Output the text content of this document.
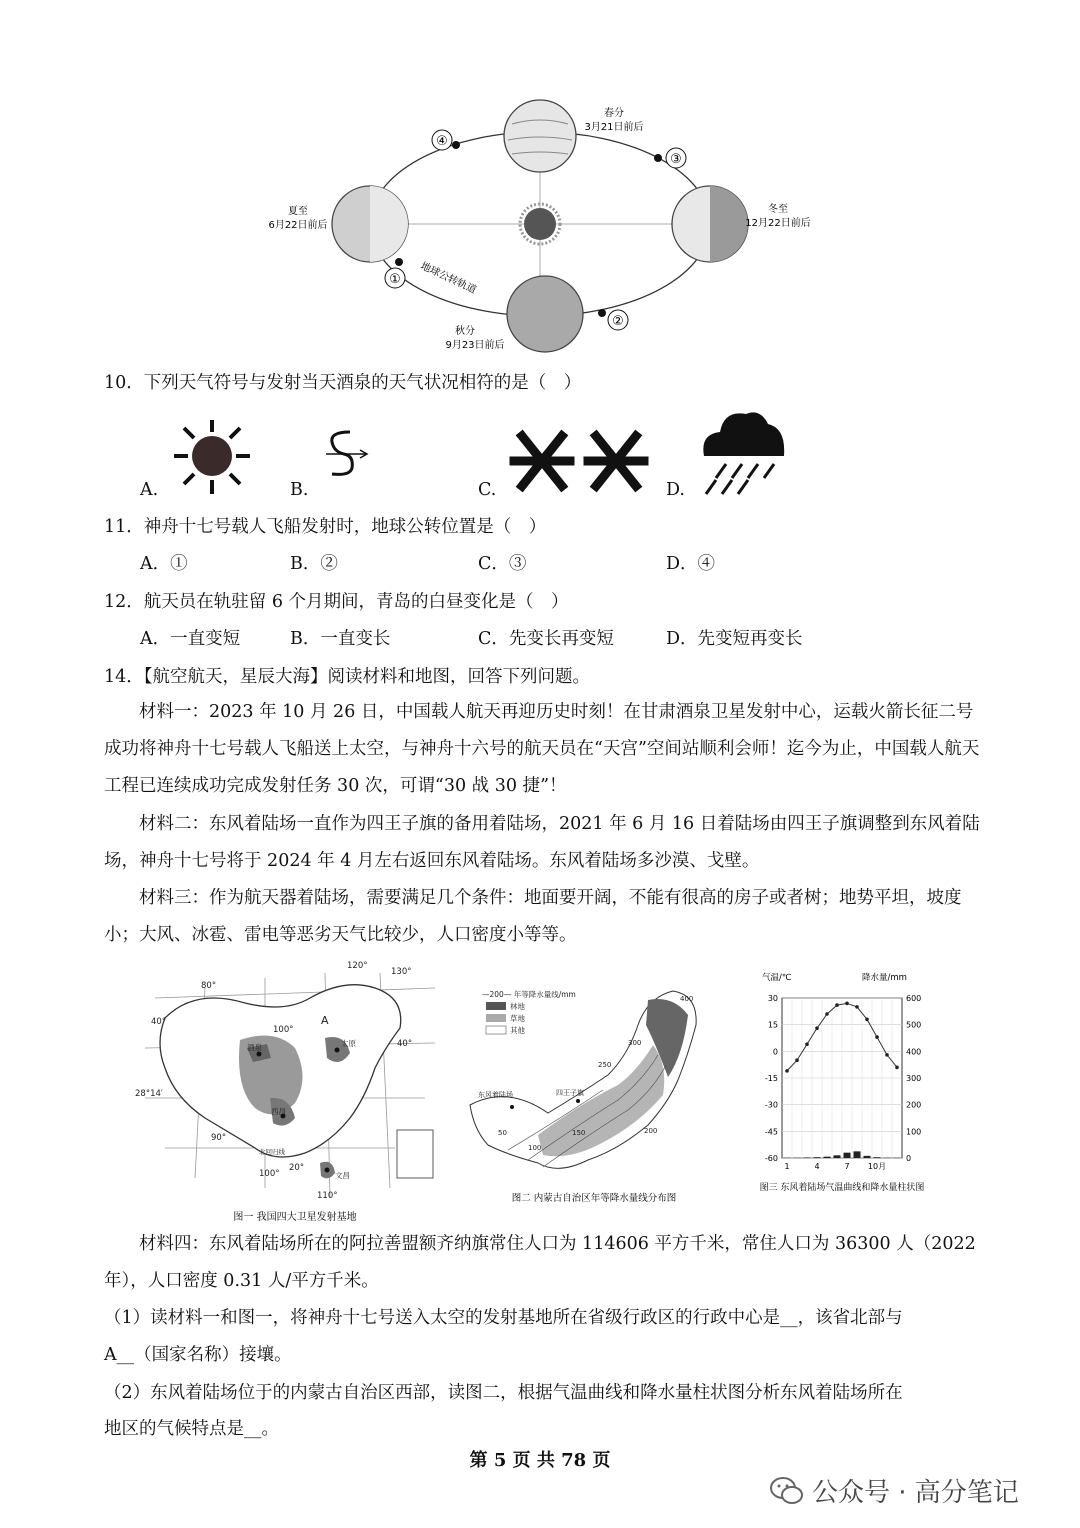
④
③
①
②
春分
3月21日前后
夏至
6月22日前后
冬至
12月22日前后
秋分
9月23日前后
地球公转轨道
10．下列天气符号与发射当天酒泉的天气状况相符的是（　）
A.	B.	C.	D.
11．神舟十七号载人飞船发射时，地球公转位置是（　）
A．①	B．②	C．③	D．④
12．航天员在轨驻留 6 个月期间，青岛的白昼变化是（　）
A．一直变短	B．一直变长	C．先变长再变短	D．先变短再变长
14．【航空航天，星辰大海】阅读材料和地图，回答下列问题。
材料一：2023 年 10 月 26 日，中国载人航天再迎历史时刻！在甘肃酒泉卫星发射中心，运载火箭长征二号成功将神舟十七号载人飞船送上太空，与神舟十六号的航天员在“天宫”空间站顺利会师！迄今为止，中国载人航天工程已连续成功完成发射任务 30 次，可谓“30 战 30 捷”！
材料二：东风着陆场一直作为四王子旗的备用着陆场，2021 年 6 月 16 日着陆场由四王子旗调整到东风着陆场，神舟十七号将于 2024 年 4 月左右返回东风着陆场。东风着陆场多沙漠、戈壁。
材料三：作为航天器着陆场，需要满足几个条件：地面要开阔，不能有很高的房子或者树；地势平坦，坡度小；大风、冰雹、雷电等恶劣天气比较少，人口密度小等等。
120°
130°
80°
40°
100°
A
40°
28°14′
90°
100°
20°
110°
酒泉	太原
西昌
文昌
北回归线
图一 我国四大卫星发射基地
—200— 年等降水量线/mm
林地
草地
其他
东风着陆场	四王子旗
400
300
250
200
150
100
50
图二 内蒙古自治区年等降水量线分布图
气温/℃	降水量/mm
30
15
0
-15
-30
-45
-60
600
500
400
300
200
100
0
1	4	7 10月
图三 东风着陆场气温曲线和降水量柱状图
材料四：东风着陆场所在的阿拉善盟额齐纳旗常住人口为 114606 平方千米，常住人口为 36300 人（2022 年），人口密度 0.31 人/平方千米。
（1）读材料一和图一，将神舟十七号送入太空的发射基地所在省级行政区的行政中心是__，该省北部与
A__（国家名称）接壤。
（2）东风着陆场位于的内蒙古自治区西部，读图二，根据气温曲线和降水量柱状图分析东风着陆场所在
地区的气候特点是__。
第 5 页 共 78 页
公众号 · 高分笔记
